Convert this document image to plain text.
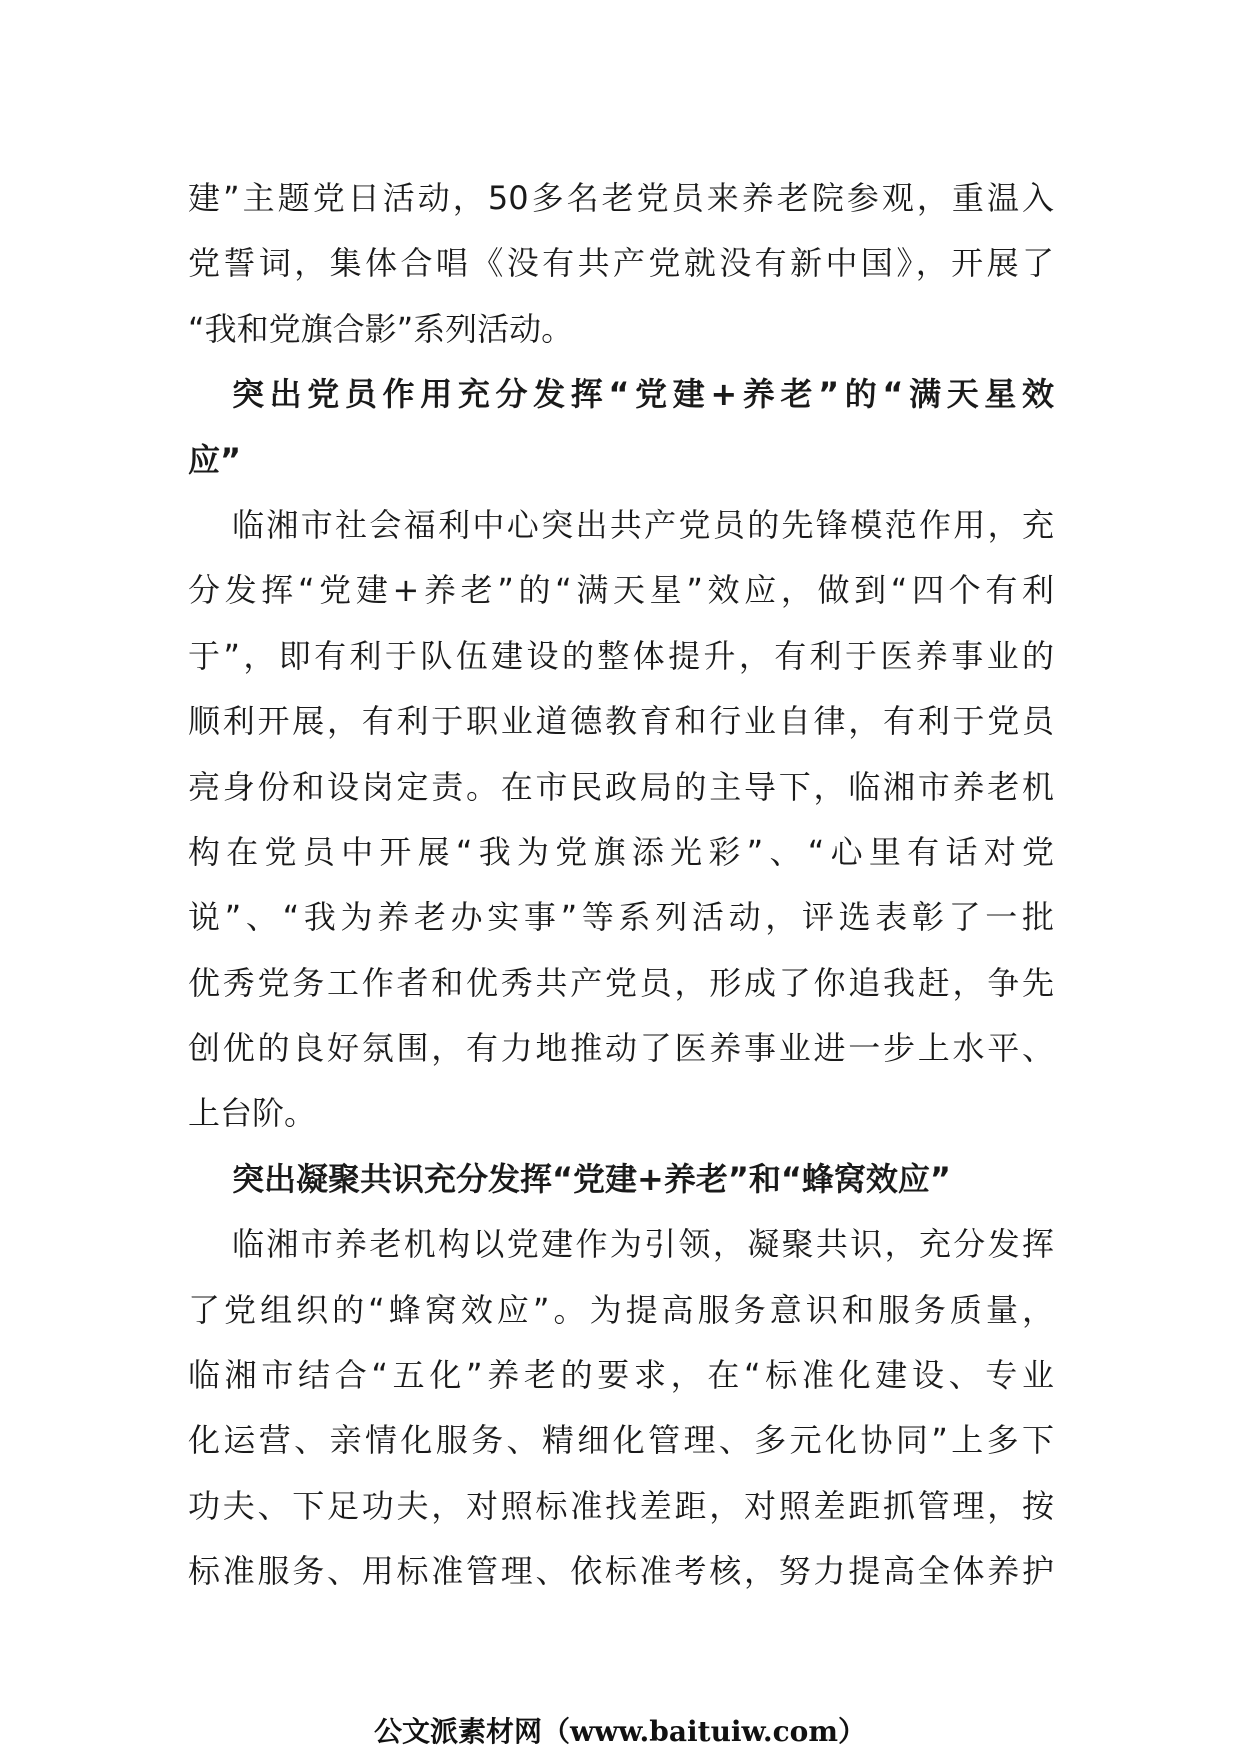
建”主题党日活动，50多名老党员来养老院参观，重温入
党誓词，集体合唱《没有共产党就没有新中国》，开展了
“我和党旗合影”系列活动。
突出党员作用充分发挥“党建+养老”的“满天星效
应”
临湘市社会福利中心突出共产党员的先锋模范作用，充
分发挥“党建+养老”的“满天星”效应，做到“四个有利
于”，即有利于队伍建设的整体提升，有利于医养事业的
顺利开展，有利于职业道德教育和行业自律，有利于党员
亮身份和设岗定责。在市民政局的主导下，临湘市养老机
构在党员中开展“我为党旗添光彩”、“心里有话对党
说”、“我为养老办实事”等系列活动，评选表彰了一批
优秀党务工作者和优秀共产党员，形成了你追我赶，争先
创优的良好氛围，有力地推动了医养事业进一步上水平、
上台阶。
突出凝聚共识充分发挥“党建+养老”和“蜂窝效应”
临湘市养老机构以党建作为引领，凝聚共识，充分发挥
了党组织的“蜂窝效应”。为提高服务意识和服务质量，
临湘市结合“五化”养老的要求，在“标准化建设、专业
化运营、亲情化服务、精细化管理、多元化协同”上多下
功夫、下足功夫，对照标准找差距，对照差距抓管理，按
标准服务、用标准管理、依标准考核，努力提高全体养护
公文派素材网（www.baituiw.com）
